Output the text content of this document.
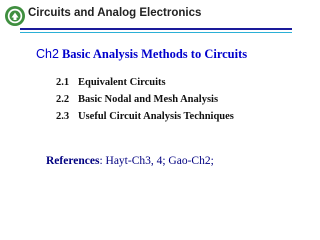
Circuits and Analog Electronics
Ch2 Basic Analysis Methods to Circuits
2.1 Equivalent Circuits
2.2 Basic Nodal and Mesh Analysis
2.3 Useful Circuit Analysis Techniques
References: Hayt-Ch3, 4; Gao-Ch2;
